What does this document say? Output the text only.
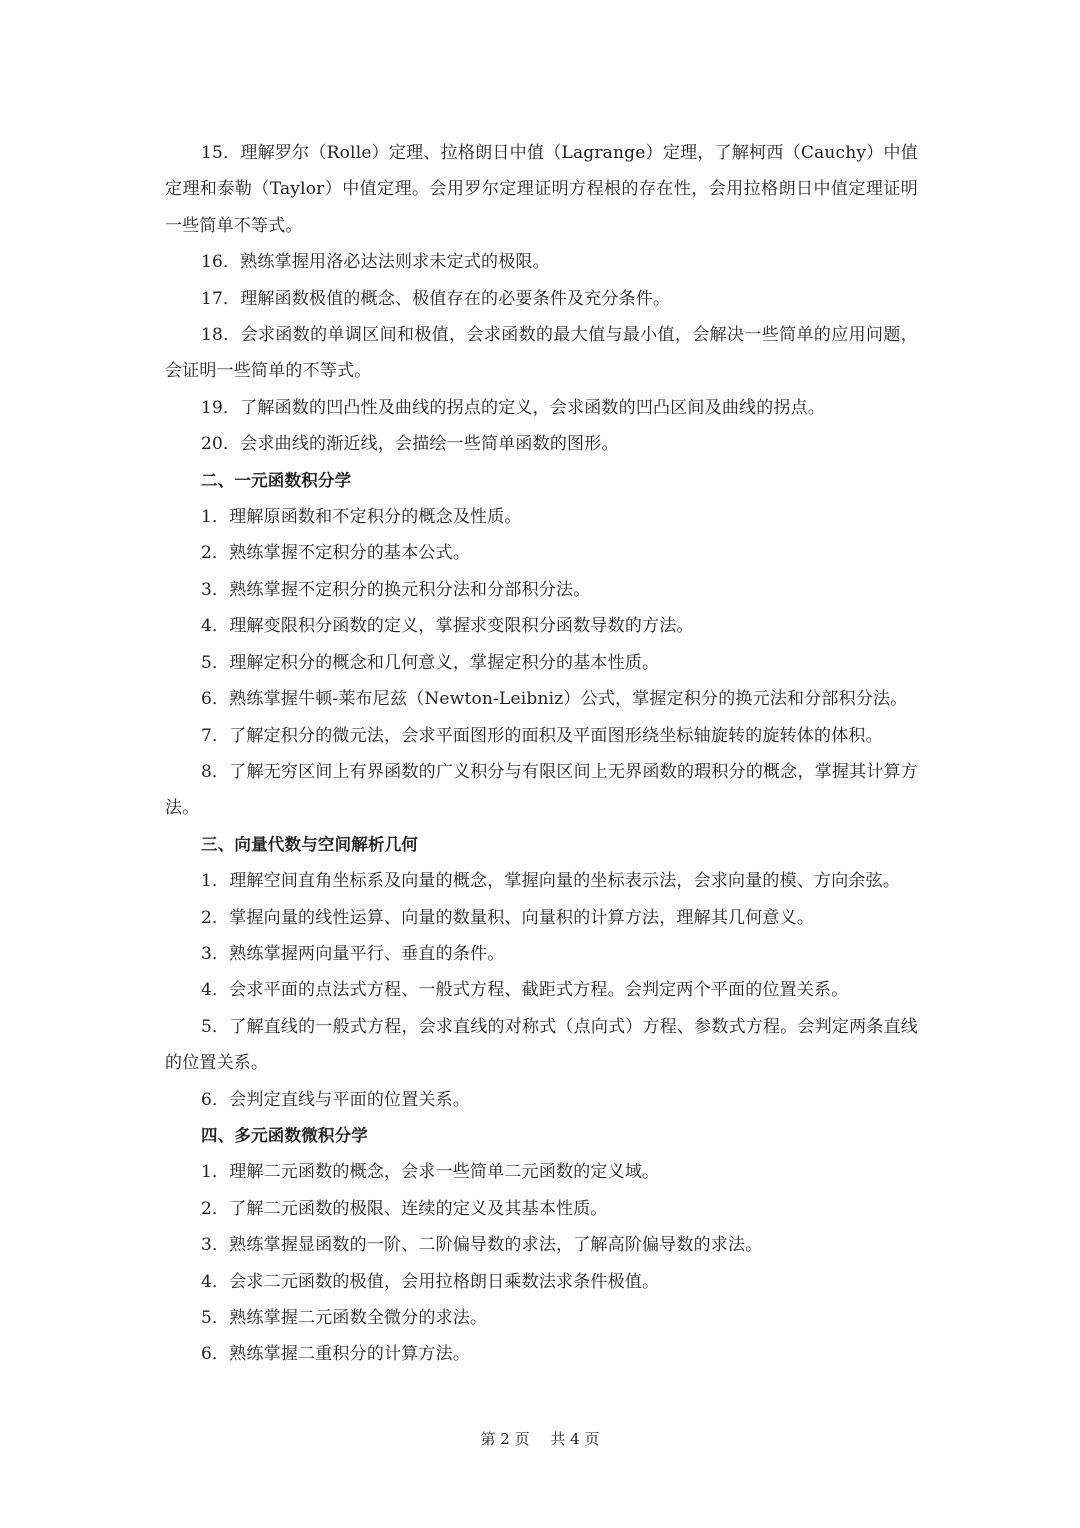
15．理解罗尔（Rolle）定理、拉格朗日中值（Lagrange）定理，了解柯西（Cauchy）中值定理和泰勒（Taylor）中值定理。会用罗尔定理证明方程根的存在性，会用拉格朗日中值定理证明一些简单不等式。

16．熟练掌握用洛必达法则求未定式的极限。

17．理解函数极值的概念、极值存在的必要条件及充分条件。

18．会求函数的单调区间和极值，会求函数的最大值与最小值，会解决一些简单的应用问题，会证明一些简单的不等式。

19．了解函数的凹凸性及曲线的拐点的定义，会求函数的凹凸区间及曲线的拐点。

20．会求曲线的渐近线，会描绘一些简单函数的图形。

二、一元函数积分学

1．理解原函数和不定积分的概念及性质。

2．熟练掌握不定积分的基本公式。

3．熟练掌握不定积分的换元积分法和分部积分法。

4．理解变限积分函数的定义，掌握求变限积分函数导数的方法。

5．理解定积分的概念和几何意义，掌握定积分的基本性质。

6．熟练掌握牛顿-莱布尼兹（Newton-Leibniz）公式，掌握定积分的换元法和分部积分法。

7．了解定积分的微元法，会求平面图形的面积及平面图形绕坐标轴旋转的旋转体的体积。

8．了解无穷区间上有界函数的广义积分与有限区间上无界函数的瑕积分的概念，掌握其计算方法。

三、向量代数与空间解析几何

1．理解空间直角坐标系及向量的概念，掌握向量的坐标表示法，会求向量的模、方向余弦。

2．掌握向量的线性运算、向量的数量积、向量积的计算方法，理解其几何意义。

3．熟练掌握两向量平行、垂直的条件。

4．会求平面的点法式方程、一般式方程、截距式方程。会判定两个平面的位置关系。

5．了解直线的一般式方程，会求直线的对称式（点向式）方程、参数式方程。会判定两条直线的位置关系。

6．会判定直线与平面的位置关系。

四、多元函数微积分学

1．理解二元函数的概念，会求一些简单二元函数的定义域。

2．了解二元函数的极限、连续的定义及其基本性质。

3．熟练掌握显函数的一阶、二阶偏导数的求法，了解高阶偏导数的求法。

4．会求二元函数的极值，会用拉格朗日乘数法求条件极值。

5．熟练掌握二元函数全微分的求法。

6．熟练掌握二重积分的计算方法。

第 2 页 共 4 页
